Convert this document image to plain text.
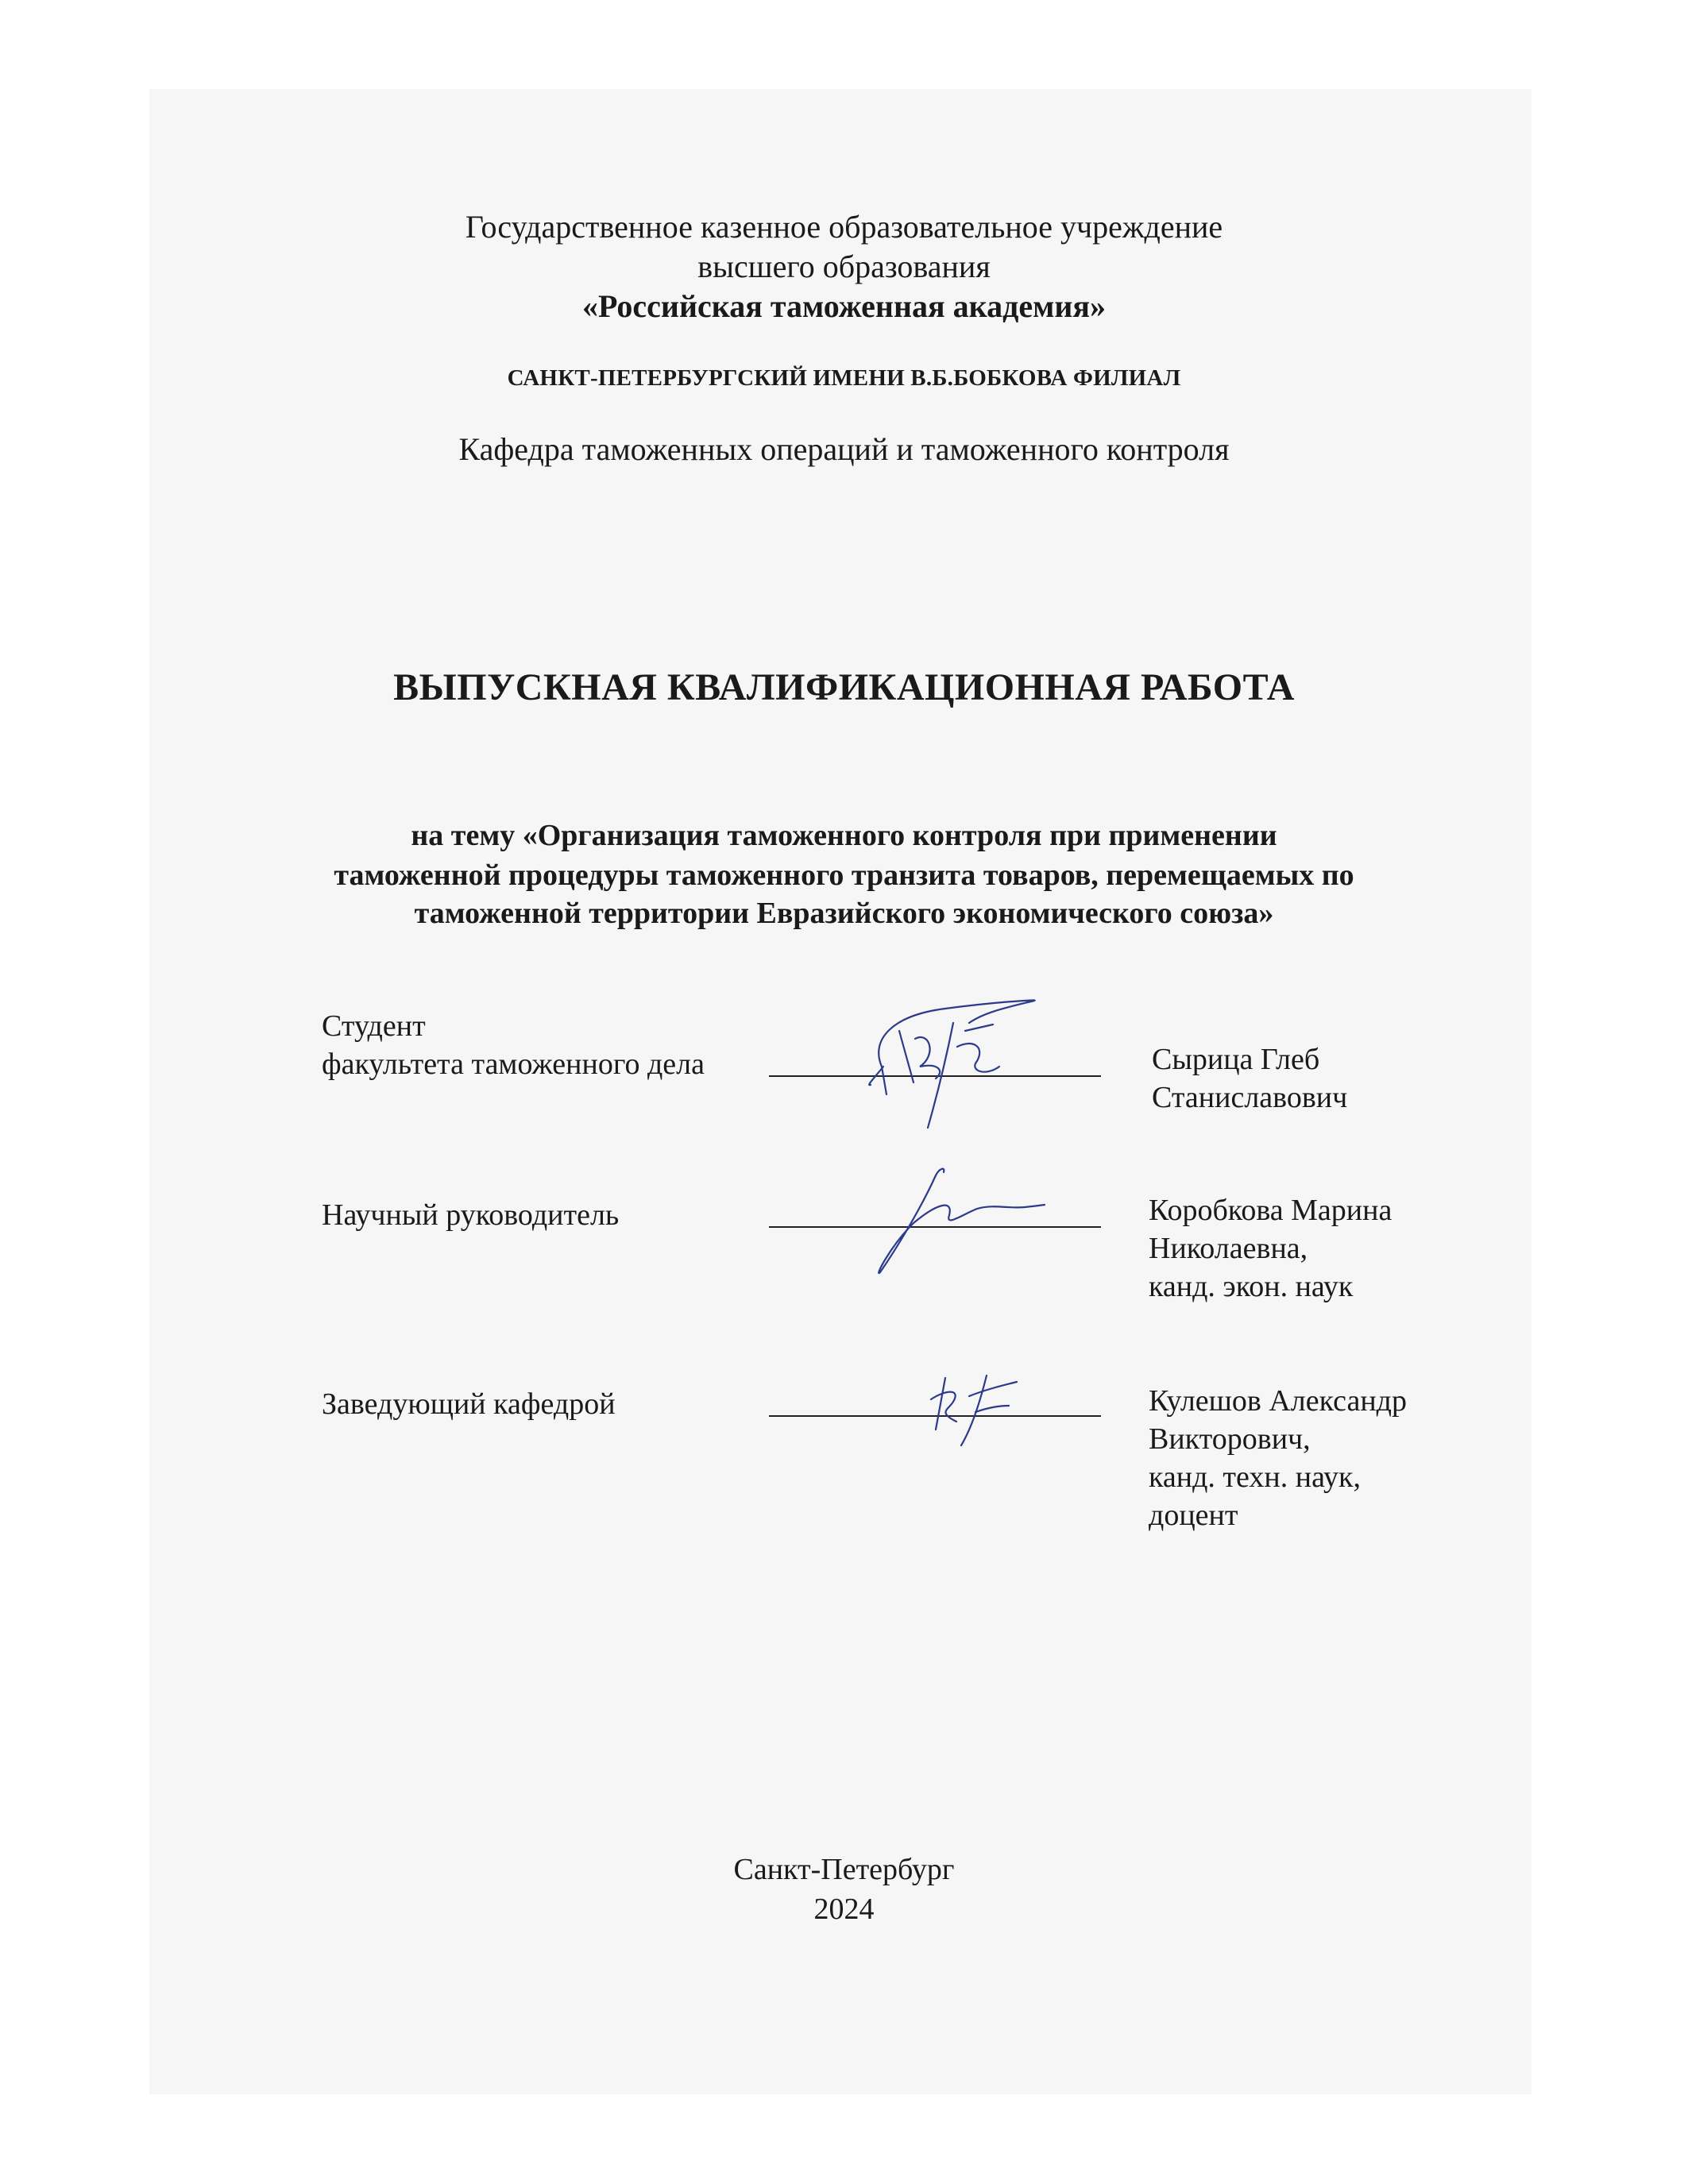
Государственное казенное образовательное учреждение
высшего образования
«Российская таможенная академия»
САНКТ-ПЕТЕРБУРГСКИЙ ИМЕНИ В.Б.БОБКОВА ФИЛИАЛ
Кафедра таможенных операций и таможенного контроля
ВЫПУСКНАЯ КВАЛИФИКАЦИОННАЯ РАБОТА
на тему «Организация таможенного контроля при применении
таможенной процедуры таможенного транзита товаров, перемещаемых по
таможенной территории Евразийского экономического союза»
Студент
факультета таможенного дела	Сырица Глеб
Станиславович
Научный руководитель	Коробкова Марина
Николаевна,
канд. экон. наук
Заведующий кафедрой	Кулешов Александр
Викторович,
канд. техн. наук,
доцент
Санкт-Петербург
2024
